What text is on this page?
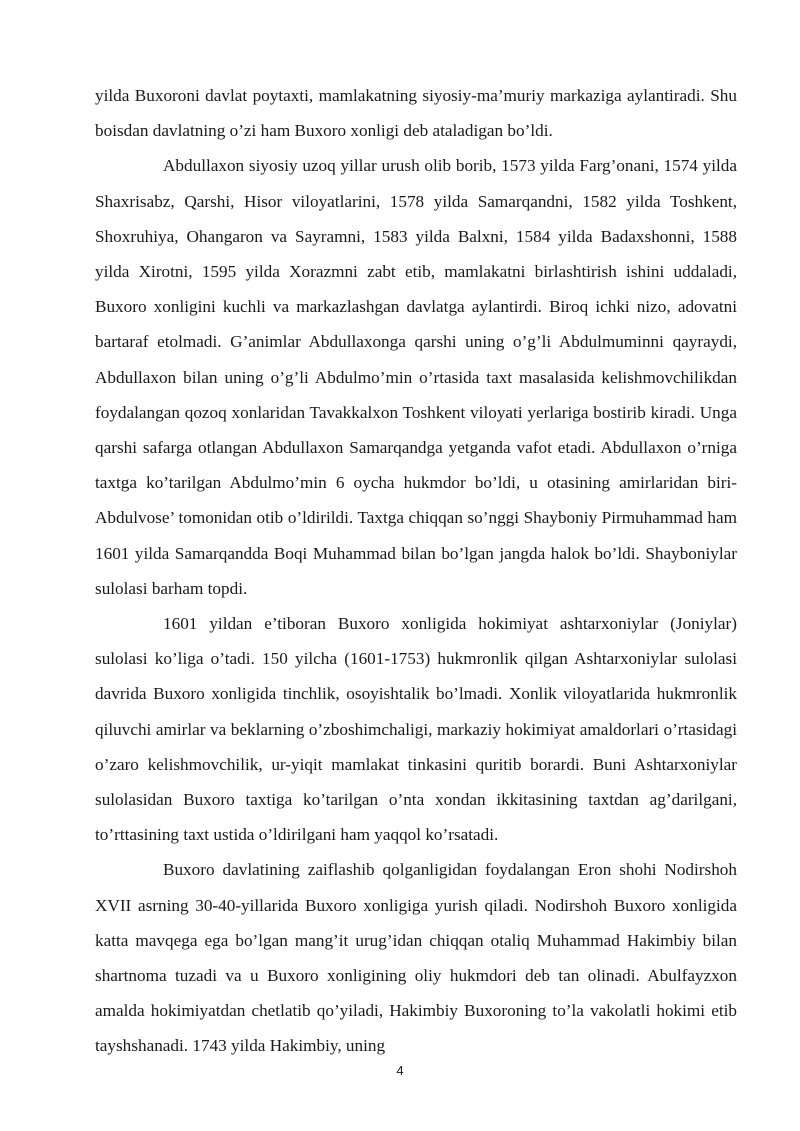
yilda Buxoroni davlat poytaxti, mamlakatning siyosiy-ma’muriy markaziga aylantiradi. Shu boisdan davlatning o’zi ham Buxoro xonligi deb ataladigan bo’ldi.

Abdullaxon siyosiy uzoq yillar urush olib borib, 1573 yilda Farg’onani, 1574 yilda Shaxrisabz, Qarshi, Hisor viloyatlarini, 1578 yilda Samarqandni, 1582 yilda Toshkent, Shoxruhiya, Ohangaron va Sayramni, 1583 yilda Balxni, 1584 yilda Badaxshonni, 1588 yilda Xirotni, 1595 yilda Xorazmni zabt etib, mamlakatni birlashtirish ishini uddaladi, Buxoro xonligini kuchli va markazlashgan davlatga aylantirdi. Biroq ichki nizo, adovatni bartaraf etolmadi. G’animlar Abdullaxonga qarshi uning o’g’li Abdulmuminni qayraydi, Abdullaxon bilan uning o’g’li Abdulmo’min o’rtasida taxt masalasida kelishmovchilikdan foydalangan qozoq xonlaridan Tavakkalxon Toshkent viloyati yerlariga bostirib kiradi. Unga qarshi safarga otlangan Abdullaxon Samarqandga yetganda vafot etadi. Abdullaxon o’rniga taxtga ko’tarilgan Abdulmo’min 6 oycha hukmdor bo’ldi, u otasining amirlaridan biri-Abdulvose’ tomonidan otib o’ldirildi. Taxtga chiqqan so’nggi Shayboniy Pirmuhammad ham 1601 yilda Samarqandda Boqi Muhammad bilan bo’lgan jangda halok bo’ldi. Shayboniylar sulolasi barham topdi.

1601 yildan e’tiboran Buxoro xonligida hokimiyat ashtarxoniylar (Joniylar) sulolasi ko’liga o’tadi. 150 yilcha (1601-1753) hukmronlik qilgan Ashtarxoniylar sulolasi davrida Buxoro xonligida tinchlik, osoyishtalik bo’lmadi. Xonlik viloyatlarida hukmronlik qiluvchi amirlar va beklarning o’zboshimchaligi, markaziy hokimiyat amaldorlari o’rtasidagi o’zaro kelishmovchilik, ur-yiqit mamlakat tinkasini quritib borardi. Buni Ashtarxoniylar sulolasidan Buxoro taxtiga ko’tarilgan o’nta xondan ikkitasining taxtdan ag’darilgani, to’rttasining taxt ustida o’ldirilgani ham yaqqol ko’rsatadi.

Buxoro davlatining zaiflashib qolganligidan foydalangan Eron shohi Nodirshoh XVII asrning 30-40-yillarida Buxoro xonligiga yurish qiladi. Nodirshoh Buxoro xonligida katta mavqega ega bo’lgan mang’it urug’idan chiqqan otaliq Muhammad Hakimbiy bilan shartnoma tuzadi va u Buxoro xonligining oliy hukmdori deb tan olinadi. Abulfayzxon amalda hokimiyatdan chetlatib qo’yiladi, Hakimbiy Buxoroning to’la vakolatli hokimi etib tayshshanadi. 1743 yilda Hakimbiy, uning

4
